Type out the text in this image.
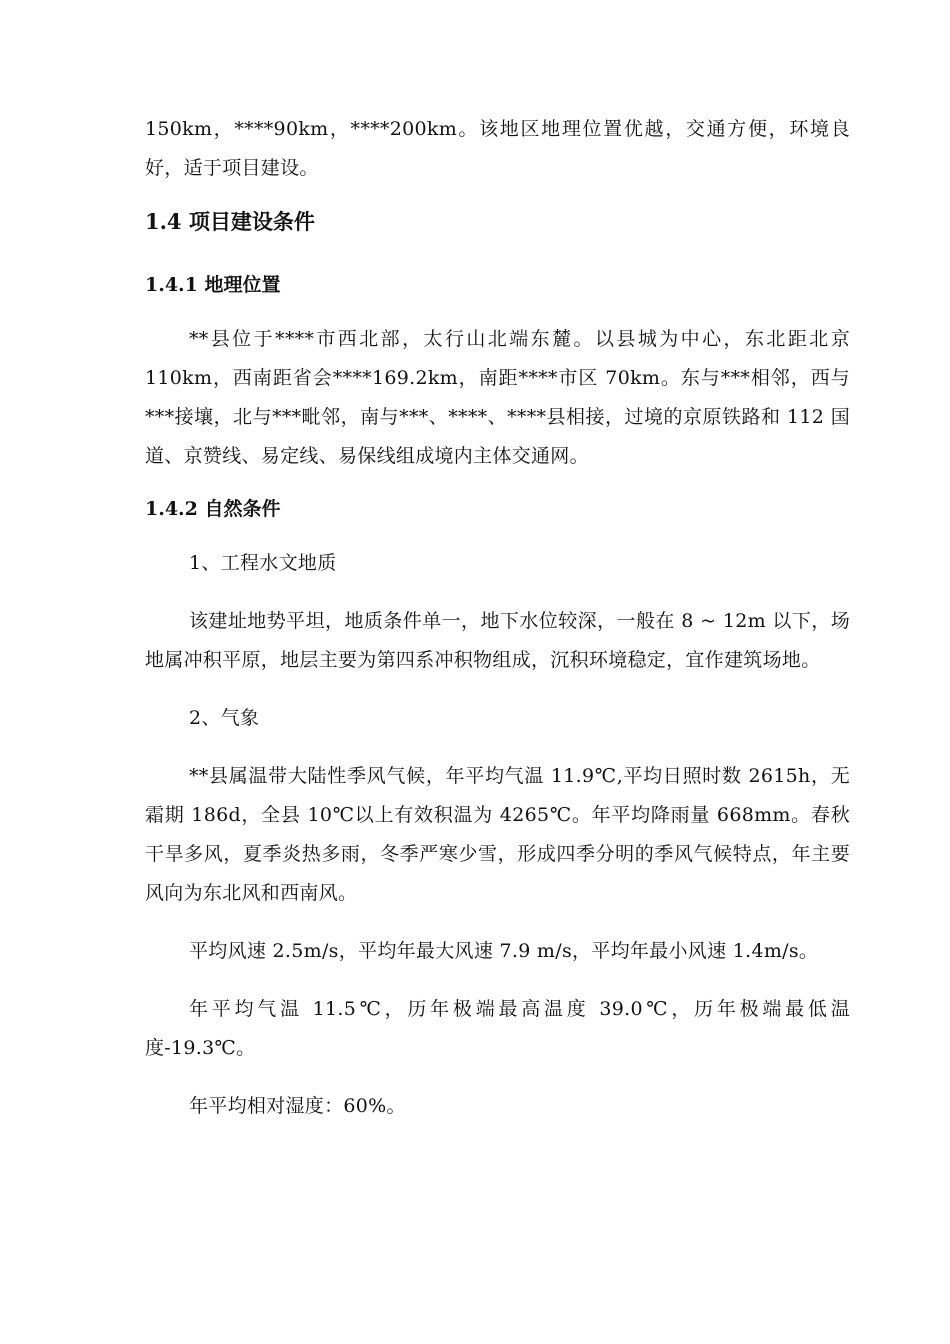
150km，****90km，****200km。该地区地理位置优越，交通方便，环境良好，适于项目建设。

1.4 项目建设条件
1.4.1 地理位置

**县位于****市西北部，太行山北端东麓。以县城为中心，东北距北京 110km，西南距省会****169.2km，南距****市区 70km。东与***相邻，西与***接壤，北与***毗邻，南与***、****、****县相接，过境的京原铁路和 112 国道、京赞线、易定线、易保线组成境内主体交通网。

1.4.2 自然条件

1、工程水文地质

该建址地势平坦，地质条件单一，地下水位较深，一般在 8 ~ 12m 以下，场地属冲积平原，地层主要为第四系冲积物组成，沉积环境稳定，宜作建筑场地。

2、气象

**县属温带大陆性季风气候，年平均气温 11.9℃,平均日照时数 2615h，无霜期 186d，全县 10℃以上有效积温为 4265℃。年平均降雨量 668mm。春秋干旱多风，夏季炎热多雨，冬季严寒少雪，形成四季分明的季风气候特点，年主要风向为东北风和西南风。

平均风速 2.5m/s，平均年最大风速 7.9 m/s，平均年最小风速 1.4m/s。

年平均气温 11.5℃，历年极端最高温度 39.0℃，历年极端最低温度-19.3℃。

年平均相对湿度：60%。
